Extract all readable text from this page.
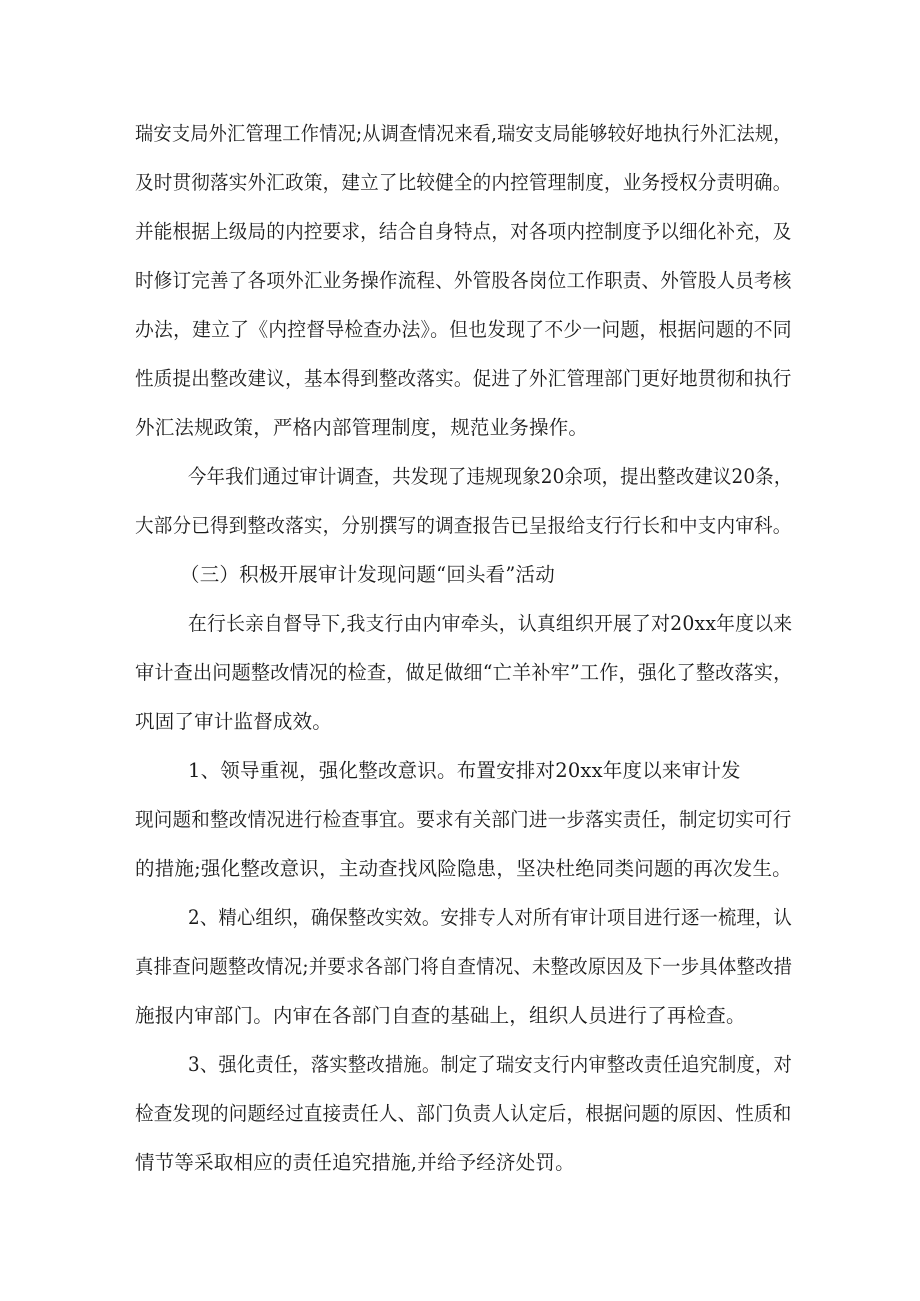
瑞安支局外汇管理工作情况;从调查情况来看,瑞安支局能够较好地执行外汇法规，
及时贯彻落实外汇政策，建立了比较健全的内控管理制度，业务授权分责明确。
并能根据上级局的内控要求，结合自身特点，对各项内控制度予以细化补充，及
时修订完善了各项外汇业务操作流程、外管股各岗位工作职责、外管股人员考核
办法，建立了《内控督导检查办法》。但也发现了不少一问题，根据问题的不同
性质提出整改建议，基本得到整改落实。促进了外汇管理部门更好地贯彻和执行
外汇法规政策，严格内部管理制度，规范业务操作。
今年我们通过审计调查，共发现了违规现象20余项，提出整改建议20条，
大部分已得到整改落实，分别撰写的调查报告已呈报给支行行长和中支内审科。
（三）积极开展审计发现问题“回头看”活动
在行长亲自督导下,我支行由内审牵头，认真组织开展了对20xx年度以来
审计查出问题整改情况的检查，做足做细“亡羊补牢”工作，强化了整改落实，
巩固了审计监督成效。
1、领导重视，强化整改意识。布置安排对20xx年度以来审计发
现问题和整改情况进行检查事宜。要求有关部门进一步落实责任，制定切实可行
的措施;强化整改意识，主动查找风险隐患，坚决杜绝同类问题的再次发生。
2、精心组织，确保整改实效。安排专人对所有审计项目进行逐一梳理，认
真排查问题整改情况;并要求各部门将自查情况、未整改原因及下一步具体整改措
施报内审部门。内审在各部门自查的基础上，组织人员进行了再检查。
3、强化责任，落实整改措施。制定了瑞安支行内审整改责任追究制度，对
检查发现的问题经过直接责任人、部门负责人认定后，根据问题的原因、性质和
情节等采取相应的责任追究措施,并给予经济处罚。
